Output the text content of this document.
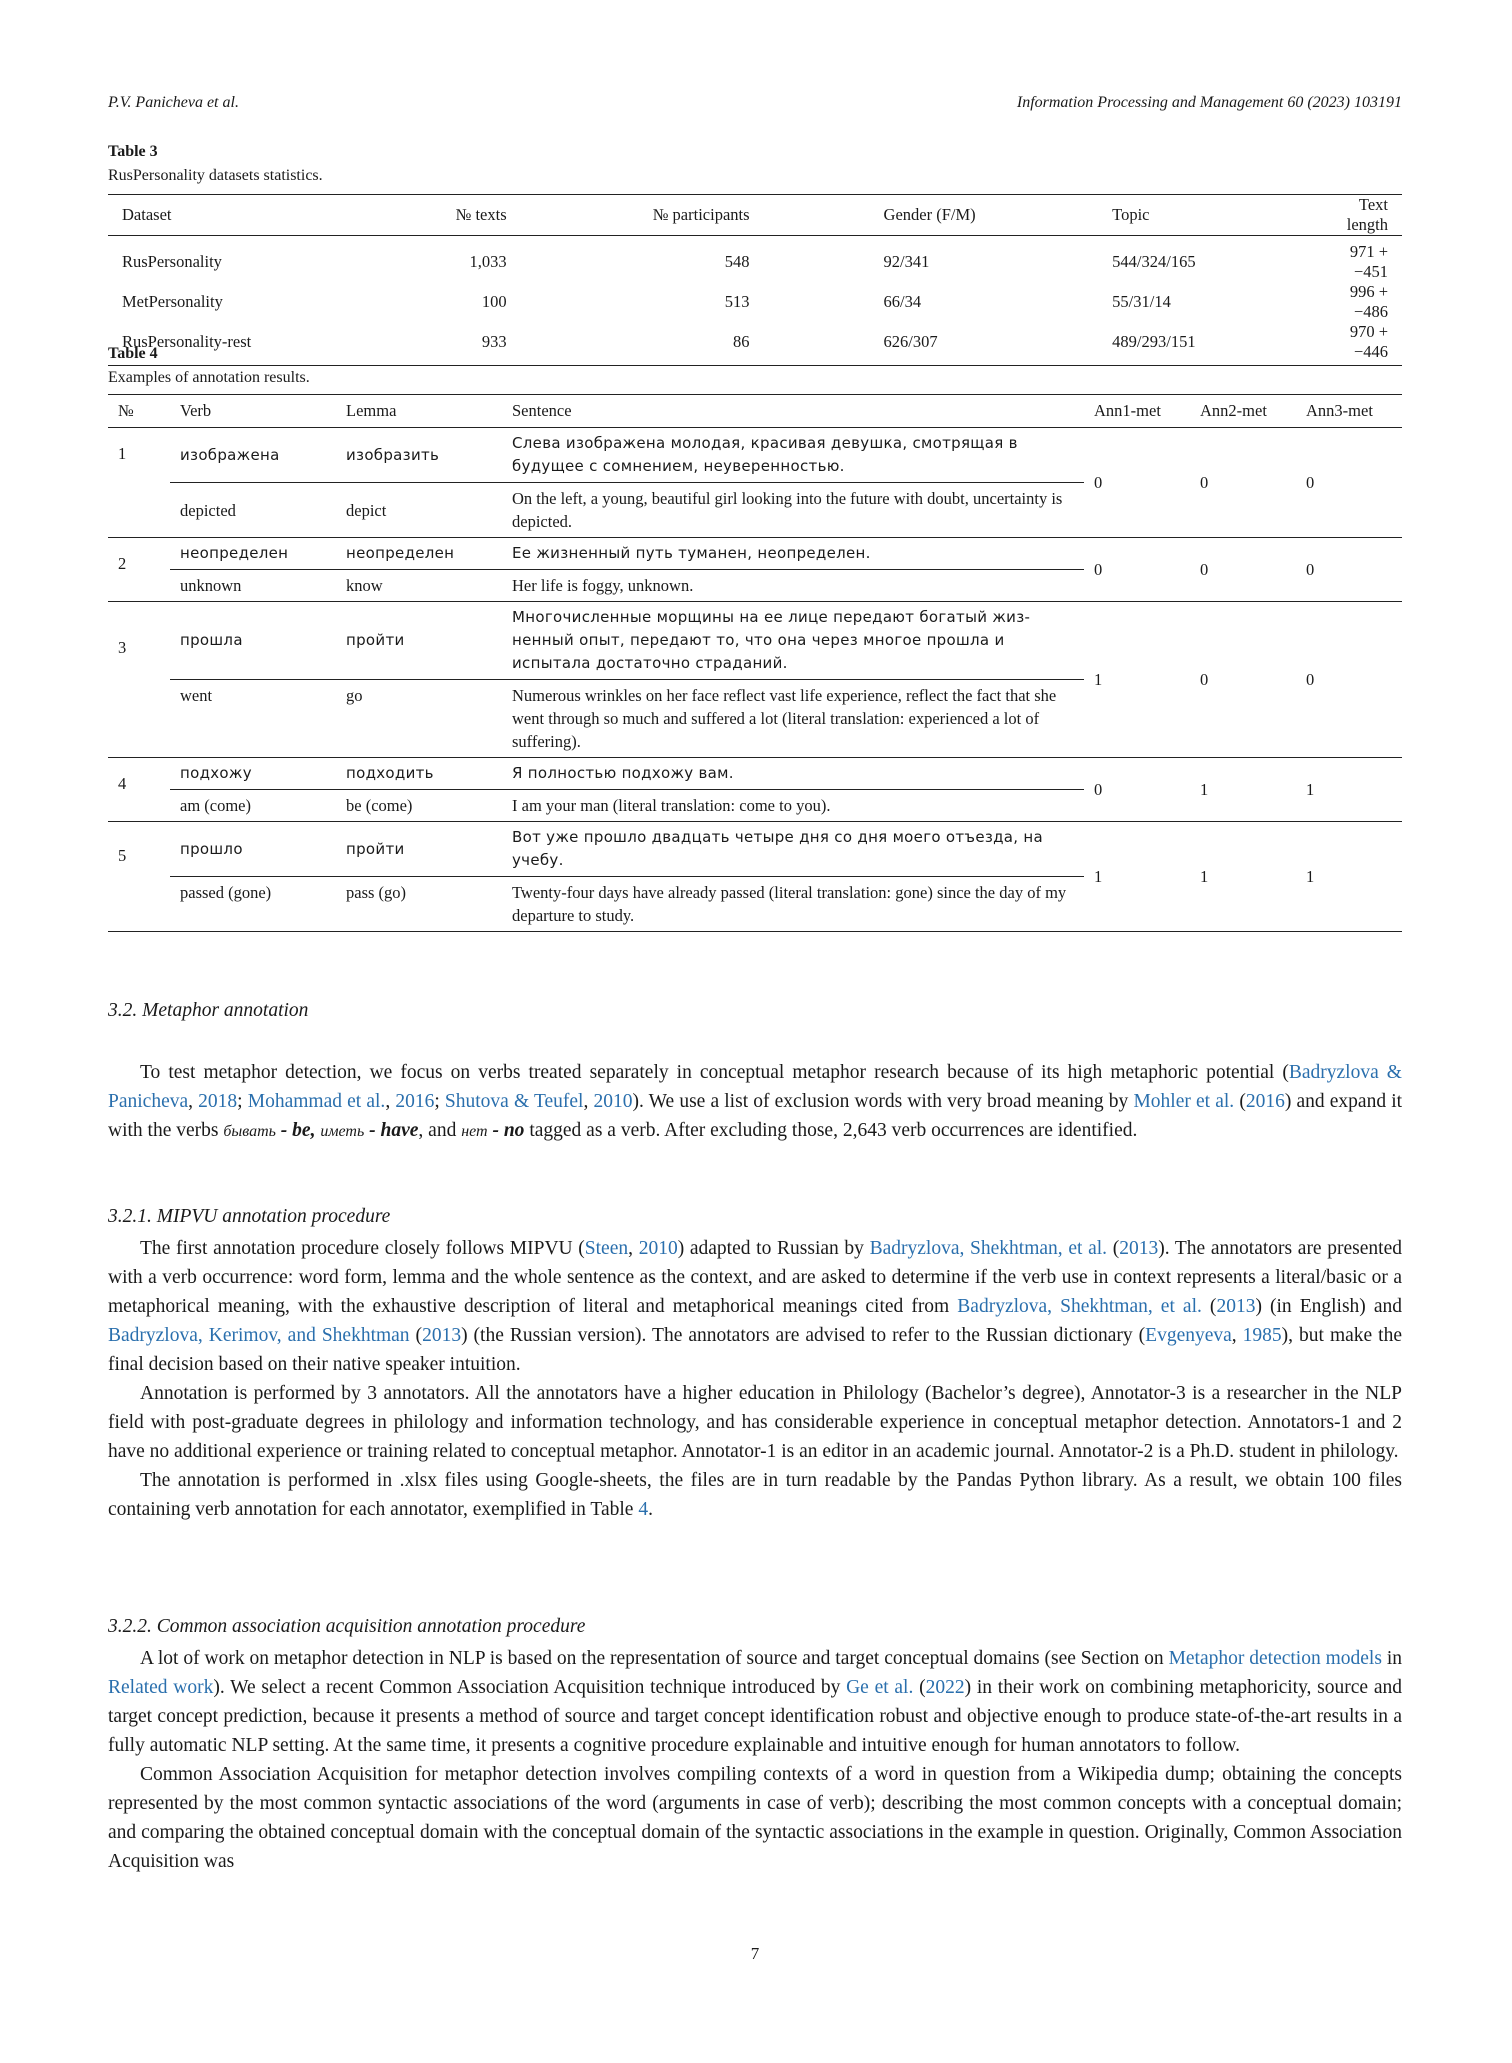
P.V. Panicheva et al.	Information Processing and Management 60 (2023) 103191
Table 3
RusPersonality datasets statistics.
Dataset	№ texts	№ participants	Gender (F/M)	Topic	Text length
RusPersonality	1,033	548	92/341	544/324/165	971 +−451
MetPersonality	100	513	66/34	55/31/14	996 +−486
RusPersonality-rest	933	86	626/307	489/293/151	970 +−446
Table 4
Examples of annotation results.
№	Verb	Lemma	Sentence	Ann1-met	Ann2-met	Ann3-met
1	изображена	изобразить	Слева изображена молодая, красивая девушка, смотрящая в будущее с сомнением, неуверенностью.	0	0	0
	depicted	depict	On the left, a young, beautiful girl looking into the future with doubt, uncertainty is depicted.			
2	неопределен	неопределен	Ее жизненный путь туманен, неопределен.	0	0	0
	unknown	know	Her life is foggy, unknown.			
3	прошла	пройти	Многочисленные морщины на ее лице передают богатый жиз-ненный опыт, передают то, что она через многое прошла и испытала достаточно страданий.	1	0	0
	went	go	Numerous wrinkles on her face reflect vast life experience, reflect the fact that she went through so much and suffered a lot (literal translation: experienced a lot of suffering).			
4	подхожу	подходить	Я полностью подхожу вам.	0	1	1
	am (come)	be (come)	I am your man (literal translation: come to you).			
5	прошло	пройти	Вот уже прошло двадцать четыре дня со дня моего отъезда, на учебу.	1	1	1
	passed (gone)	pass (go)	Twenty-four days have already passed (literal translation: gone) since the day of my departure to study.			
3.2. Metaphor annotation

To test metaphor detection, we focus on verbs treated separately in conceptual metaphor research because of its high metaphoric potential (Badryzlova & Panicheva, 2018; Mohammad et al., 2016; Shutova & Teufel, 2010). We use a list of exclusion words with very broad meaning by Mohler et al. (2016) and expand it with the verbs бывать - be, иметь - have, and нет - no tagged as a verb. After excluding those, 2,643 verb occurrences are identified.

3.2.1. MIPVU annotation procedure

The first annotation procedure closely follows MIPVU (Steen, 2010) adapted to Russian by Badryzlova, Shekhtman, et al. (2013). The annotators are presented with a verb occurrence: word form, lemma and the whole sentence as the context, and are asked to determine if the verb use in context represents a literal/basic or a metaphorical meaning, with the exhaustive description of literal and metaphorical meanings cited from Badryzlova, Shekhtman, et al. (2013) (in English) and Badryzlova, Kerimov, and Shekhtman (2013) (the Russian version). The annotators are advised to refer to the Russian dictionary (Evgenyeva, 1985), but make the final decision based on their native speaker intuition.

Annotation is performed by 3 annotators. All the annotators have a higher education in Philology (Bachelor’s degree), Annotator-3 is a researcher in the NLP field with post-graduate degrees in philology and information technology, and has considerable experience in conceptual metaphor detection. Annotators-1 and 2 have no additional experience or training related to conceptual metaphor. Annotator-1 is an editor in an academic journal. Annotator-2 is a Ph.D. student in philology.

The annotation is performed in .xlsx files using Google-sheets, the files are in turn readable by the Pandas Python library. As a result, we obtain 100 files containing verb annotation for each annotator, exemplified in Table 4.

3.2.2. Common association acquisition annotation procedure

A lot of work on metaphor detection in NLP is based on the representation of source and target conceptual domains (see Section on Metaphor detection models in Related work). We select a recent Common Association Acquisition technique introduced by Ge et al. (2022) in their work on combining metaphoricity, source and target concept prediction, because it presents a method of source and target concept identification robust and objective enough to produce state-of-the-art results in a fully automatic NLP setting. At the same time, it presents a cognitive procedure explainable and intuitive enough for human annotators to follow.

Common Association Acquisition for metaphor detection involves compiling contexts of a word in question from a Wikipedia dump; obtaining the concepts represented by the most common syntactic associations of the word (arguments in case of verb); describing the most common concepts with a conceptual domain; and comparing the obtained conceptual domain with the conceptual domain of the syntactic associations in the example in question. Originally, Common Association Acquisition was

7
